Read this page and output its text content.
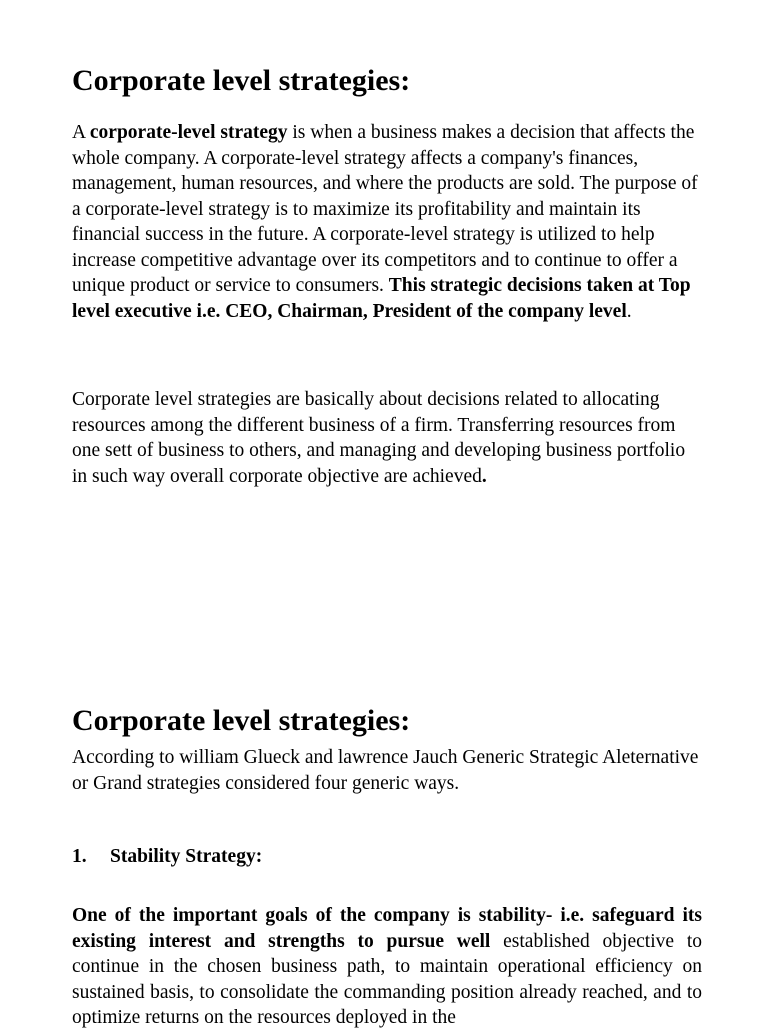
Corporate level strategies:

A corporate-level strategy is when a business makes a decision that affects the whole company. A corporate-level strategy affects a company's finances, management, human resources, and where the products are sold. The purpose of a corporate-level strategy is to maximize its profitability and maintain its financial success in the future. A corporate-level strategy is utilized to help increase competitive advantage over its competitors and to continue to offer a unique product or service to consumers. This strategic decisions taken at Top level executive i.e. CEO, Chairman, President of the company level.

Corporate level strategies are basically about decisions related to allocating resources among the different business of a firm. Transferring resources from one sett of business to others, and managing and developing business portfolio in such way overall corporate objective are achieved.

Corporate level strategies:

According to william Glueck and lawrence Jauch Generic Strategic Aleternative or Grand strategies considered four generic ways.

1. Stability Strategy:

One of the important goals of the company is stability- i.e. safeguard its existing interest and strengths to pursue well established objective to continue in the chosen business path, to maintain operational efficiency on sustained basis, to consolidate the commanding position already reached, and to optimize returns on the resources deployed in the
